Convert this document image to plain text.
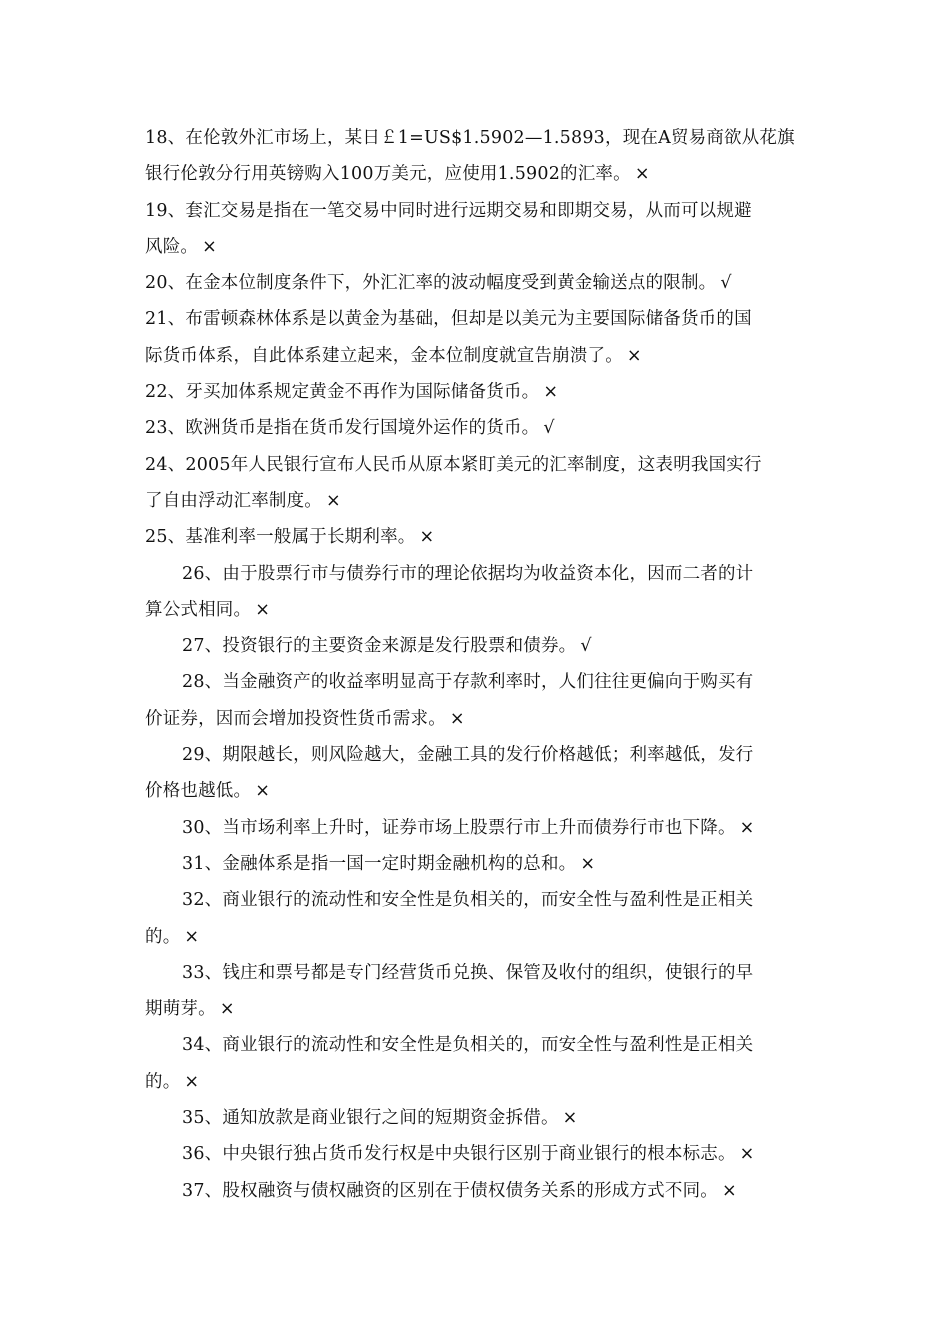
18、在伦敦外汇市场上，某日￡1=US$1.5902—1.5893，现在A贸易商欲从花旗
银行伦敦分行用英镑购入100万美元，应使用1.5902的汇率。 ×
19、套汇交易是指在一笔交易中同时进行远期交易和即期交易，从而可以规避
风险。 ×
20、在金本位制度条件下，外汇汇率的波动幅度受到黄金输送点的限制。 √
21、布雷顿森林体系是以黄金为基础，但却是以美元为主要国际储备货币的国
际货币体系，自此体系建立起来，金本位制度就宣告崩溃了。 ×
22、牙买加体系规定黄金不再作为国际储备货币。 ×
23、欧洲货币是指在货币发行国境外运作的货币。 √
24、2005年人民银行宣布人民币从原本紧盯美元的汇率制度，这表明我国实行
了自由浮动汇率制度。 ×
25、基准利率一般属于长期利率。 ×
26、由于股票行市与债券行市的理论依据均为收益资本化，因而二者的计
算公式相同。 ×
27、投资银行的主要资金来源是发行股票和债券。 √
28、当金融资产的收益率明显高于存款利率时，人们往往更偏向于购买有
价证券，因而会增加投资性货币需求。 ×
29、期限越长，则风险越大，金融工具的发行价格越低；利率越低，发行
价格也越低。 ×
30、当市场利率上升时，证券市场上股票行市上升而债券行市也下降。 ×
31、金融体系是指一国一定时期金融机构的总和。 ×
32、商业银行的流动性和安全性是负相关的，而安全性与盈利性是正相关
的。 ×
33、钱庄和票号都是专门经营货币兑换、保管及收付的组织，使银行的早
期萌芽。 ×
34、商业银行的流动性和安全性是负相关的，而安全性与盈利性是正相关
的。 ×
35、通知放款是商业银行之间的短期资金拆借。 ×
36、中央银行独占货币发行权是中央银行区别于商业银行的根本标志。 ×
37、股权融资与债权融资的区别在于债权债务关系的形成方式不同。 ×
